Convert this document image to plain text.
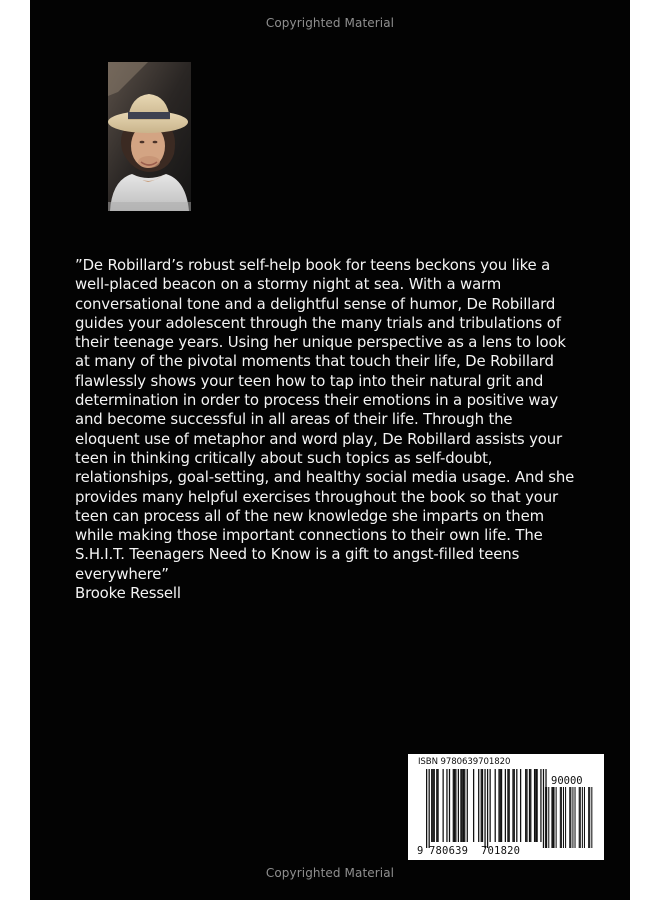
Copyrighted Material
”De Robillard’s robust self-help book for teens beckons you like a
well-placed beacon on a stormy night at sea. With a warm
conversational tone and a delightful sense of humor, De Robillard
guides your adolescent through the many trials and tribulations of
their teenage years. Using her unique perspective as a lens to look
at many of the pivotal moments that touch their life, De Robillard
flawlessly shows your teen how to tap into their natural grit and
determination in order to process their emotions in a positive way
and become successful in all areas of their life. Through the
eloquent use of metaphor and word play, De Robillard assists your
teen in thinking critically about such topics as self-doubt,
relationships, goal-setting, and healthy social media usage. And she
provides many helpful exercises throughout the book so that your
teen can process all of the new knowledge she imparts on them
while making those important connections to their own life. The
S.H.I.T. Teenagers Need to Know is a gift to angst-filled teens
everywhere”
Brooke Ressell
ISBN 9780639701820
90000
9 780639 701820
Copyrighted Material
